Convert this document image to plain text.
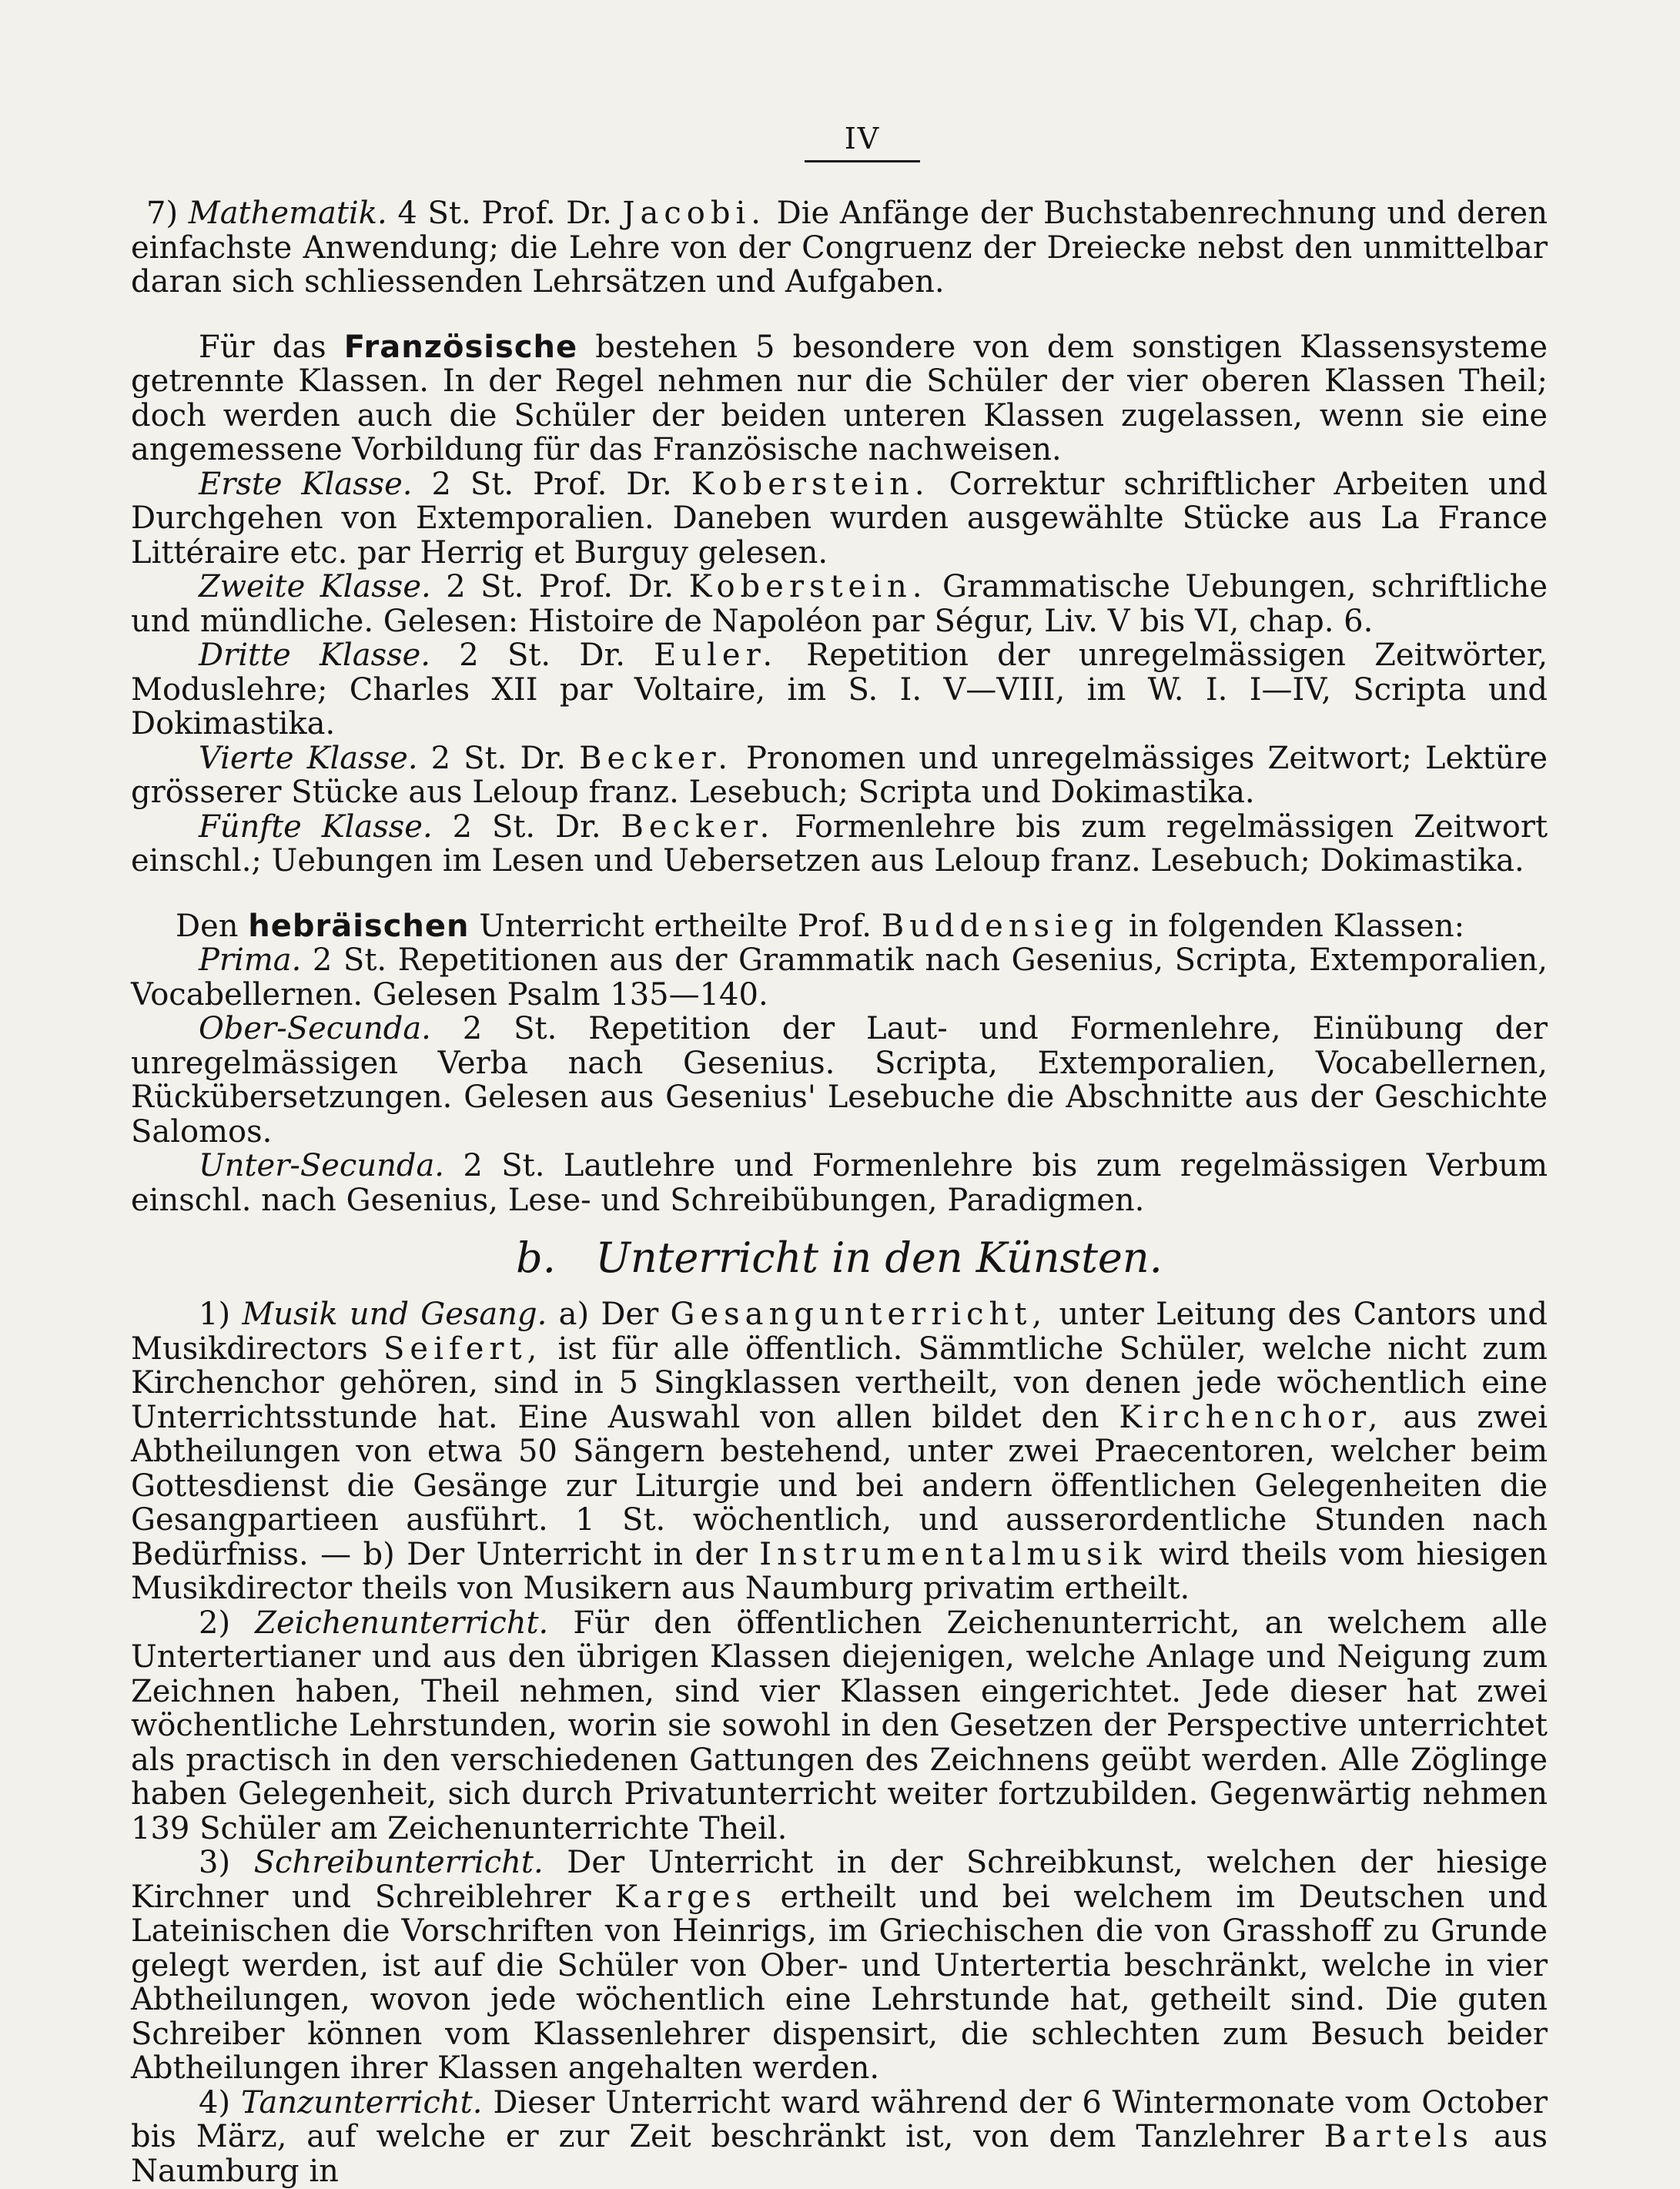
IV

7) Mathematik. 4 St. Prof. Dr. Jacobi. Die Anfänge der Buchstabenrechnung und deren einfachste Anwendung; die Lehre von der Congruenz der Dreiecke nebst den unmittelbar daran sich schliessenden Lehrsätzen und Aufgaben.

Für das Französische bestehen 5 besondere von dem sonstigen Klassensysteme getrennte Klassen. In der Regel nehmen nur die Schüler der vier oberen Klassen Theil; doch werden auch die Schüler der beiden unteren Klassen zugelassen, wenn sie eine angemessene Vorbildung für das Französische nachweisen.

Erste Klasse. 2 St. Prof. Dr. Koberstein. Correktur schriftlicher Arbeiten und Durchgehen von Extemporalien. Daneben wurden ausgewählte Stücke aus La France Littéraire etc. par Herrig et Burguy gelesen.

Zweite Klasse. 2 St. Prof. Dr. Koberstein. Grammatische Uebungen, schriftliche und mündliche. Gelesen: Histoire de Napoléon par Ségur, Liv. V bis VI, chap. 6.

Dritte Klasse. 2 St. Dr. Euler. Repetition der unregelmässigen Zeitwörter, Moduslehre; Charles XII par Voltaire, im S. I. V—VIII, im W. I. I—IV, Scripta und Dokimastika.

Vierte Klasse. 2 St. Dr. Becker. Pronomen und unregelmässiges Zeitwort; Lektüre grösserer Stücke aus Leloup franz. Lesebuch; Scripta und Dokimastika.

Fünfte Klasse. 2 St. Dr. Becker. Formenlehre bis zum regelmässigen Zeitwort einschl.; Uebungen im Lesen und Uebersetzen aus Leloup franz. Lesebuch; Dokimastika.

Den hebräischen Unterricht ertheilte Prof. Buddensieg in folgenden Klassen:

Prima. 2 St. Repetitionen aus der Grammatik nach Gesenius, Scripta, Extemporalien, Vocabellernen. Gelesen Psalm 135—140.

Ober-Secunda. 2 St. Repetition der Laut- und Formenlehre, Einübung der unregelmässigen Verba nach Gesenius. Scripta, Extemporalien, Vocabellernen, Rückübersetzungen. Gelesen aus Gesenius' Lesebuche die Abschnitte aus der Geschichte Salomos.

Unter-Secunda. 2 St. Lautlehre und Formenlehre bis zum regelmässigen Verbum einschl. nach Gesenius, Lese- und Schreibübungen, Paradigmen.

b. Unterricht in den Künsten.

1) Musik und Gesang. a) Der Gesangunterricht, unter Leitung des Cantors und Musikdirectors Seifert, ist für alle öffentlich. Sämmtliche Schüler, welche nicht zum Kirchenchor gehören, sind in 5 Singklassen vertheilt, von denen jede wöchentlich eine Unterrichtsstunde hat. Eine Auswahl von allen bildet den Kirchenchor, aus zwei Abtheilungen von etwa 50 Sängern bestehend, unter zwei Praecentoren, welcher beim Gottesdienst die Gesänge zur Liturgie und bei andern öffentlichen Gelegenheiten die Gesangpartieen ausführt. 1 St. wöchentlich, und ausserordentliche Stunden nach Bedürfniss. — b) Der Unterricht in der Instrumentalmusik wird theils vom hiesigen Musikdirector theils von Musikern aus Naumburg privatim ertheilt.

2) Zeichenunterricht. Für den öffentlichen Zeichenunterricht, an welchem alle Untertertianer und aus den übrigen Klassen diejenigen, welche Anlage und Neigung zum Zeichnen haben, Theil nehmen, sind vier Klassen eingerichtet. Jede dieser hat zwei wöchentliche Lehrstunden, worin sie sowohl in den Gesetzen der Perspective unterrichtet als practisch in den verschiedenen Gattungen des Zeichnens geübt werden. Alle Zöglinge haben Gelegenheit, sich durch Privatunterricht weiter fortzubilden. Gegenwärtig nehmen 139 Schüler am Zeichenunterrichte Theil.

3) Schreibunterricht. Der Unterricht in der Schreibkunst, welchen der hiesige Kirchner und Schreiblehrer Karges ertheilt und bei welchem im Deutschen und Lateinischen die Vorschriften von Heinrigs, im Griechischen die von Grasshoff zu Grunde gelegt werden, ist auf die Schüler von Ober- und Untertertia beschränkt, welche in vier Abtheilungen, wovon jede wöchentlich eine Lehrstunde hat, getheilt sind. Die guten Schreiber können vom Klassenlehrer dispensirt, die schlechten zum Besuch beider Abtheilungen ihrer Klassen angehalten werden.

4) Tanzunterricht. Dieser Unterricht ward während der 6 Wintermonate vom October bis März, auf welche er zur Zeit beschränkt ist, von dem Tanzlehrer Bartels aus Naumburg in
